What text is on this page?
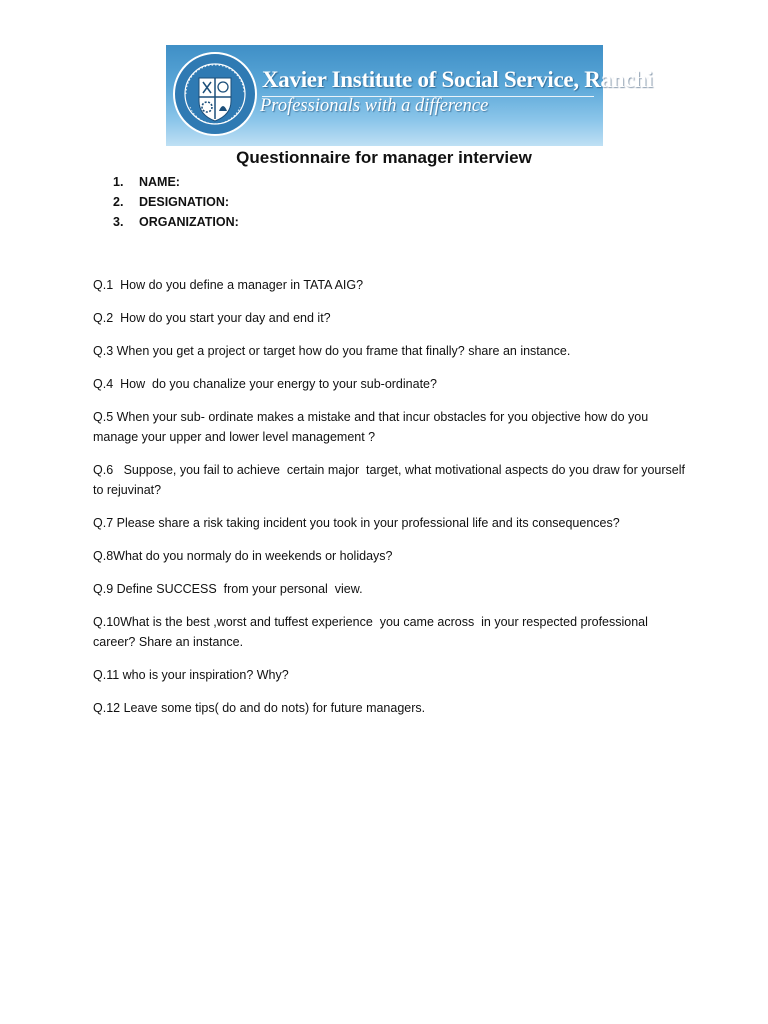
Xavier Institute of Social Service, Ranchi
Professionals with a difference
Questionnaire for manager interview
1. NAME:
2. DESIGNATION:
3. ORGANIZATION:

Q.1  How do you define a manager in TATA AIG?

Q.2  How do you start your day and end it?

Q.3 When you get a project or target how do you frame that finally? share an instance.

Q.4  How  do you chanalize your energy to your sub-ordinate?

Q.5 When your sub- ordinate makes a mistake and that incur obstacles for you objective how do you manage your upper and lower level management ?

Q.6   Suppose, you fail to achieve  certain major  target, what motivational aspects do you draw for yourself to rejuvinat?

Q.7 Please share a risk taking incident you took in your professional life and its consequences?

Q.8What do you normaly do in weekends or holidays?

Q.9 Define SUCCESS  from your personal  view.

Q.10What is the best ,worst and tuffest experience  you came across  in your respected professional career? Share an instance.

Q.11 who is your inspiration? Why?

Q.12 Leave some tips( do and do nots) for future managers.
